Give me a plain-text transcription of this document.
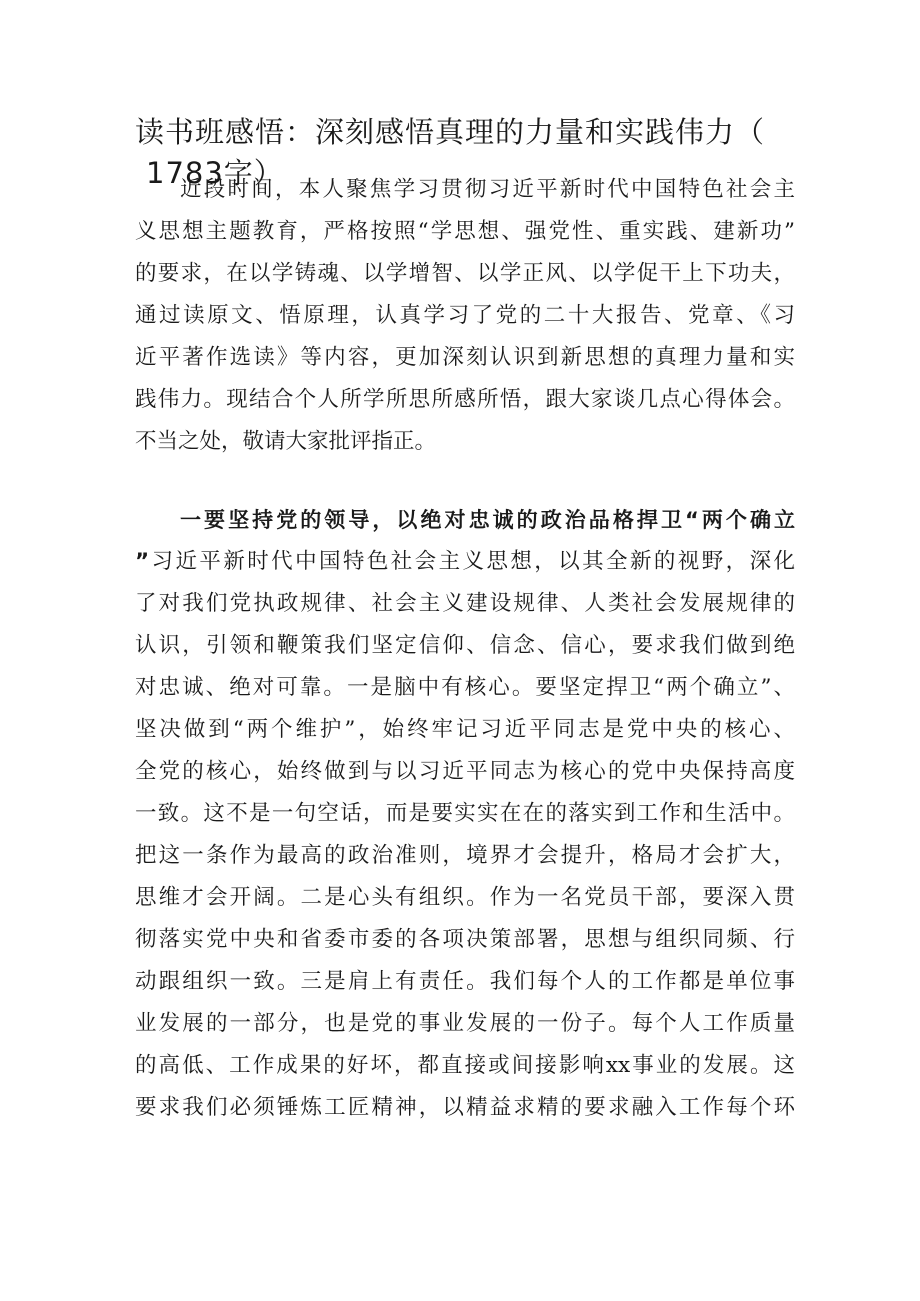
读书班感悟：深刻感悟真理的力量和实践伟力（
1783字）

近段时间，本人聚焦学习贯彻习近平新时代中国特色社会主

义思想主题教育，严格按照“学思想、强党性、重实践、建新功”

的要求，在以学铸魂、以学增智、以学正风、以学促干上下功夫，

通过读原文、悟原理，认真学习了党的二十大报告、党章、《习

近平著作选读》等内容，更加深刻认识到新思想的真理力量和实

践伟力。现结合个人所学所思所感所悟，跟大家谈几点心得体会。

不当之处，敬请大家批评指正。

一要坚持党的领导，以绝对忠诚的政治品格捍卫“两个确立

”习近平新时代中国特色社会主义思想，以其全新的视野，深化

了对我们党执政规律、社会主义建设规律、人类社会发展规律的

认识，引领和鞭策我们坚定信仰、信念、信心，要求我们做到绝

对忠诚、绝对可靠。一是脑中有核心。要坚定捍卫“两个确立”、

坚决做到“两个维护”，始终牢记习近平同志是党中央的核心、

全党的核心，始终做到与以习近平同志为核心的党中央保持高度

一致。这不是一句空话，而是要实实在在的落实到工作和生活中。

把这一条作为最高的政治准则，境界才会提升，格局才会扩大，

思维才会开阔。二是心头有组织。作为一名党员干部，要深入贯

彻落实党中央和省委市委的各项决策部署，思想与组织同频、行

动跟组织一致。三是肩上有责任。我们每个人的工作都是单位事

业发展的一部分，也是党的事业发展的一份子。每个人工作质量

的高低、工作成果的好坏，都直接或间接影响xx事业的发展。这

要求我们必须锤炼工匠精神，以精益求精的要求融入工作每个环
